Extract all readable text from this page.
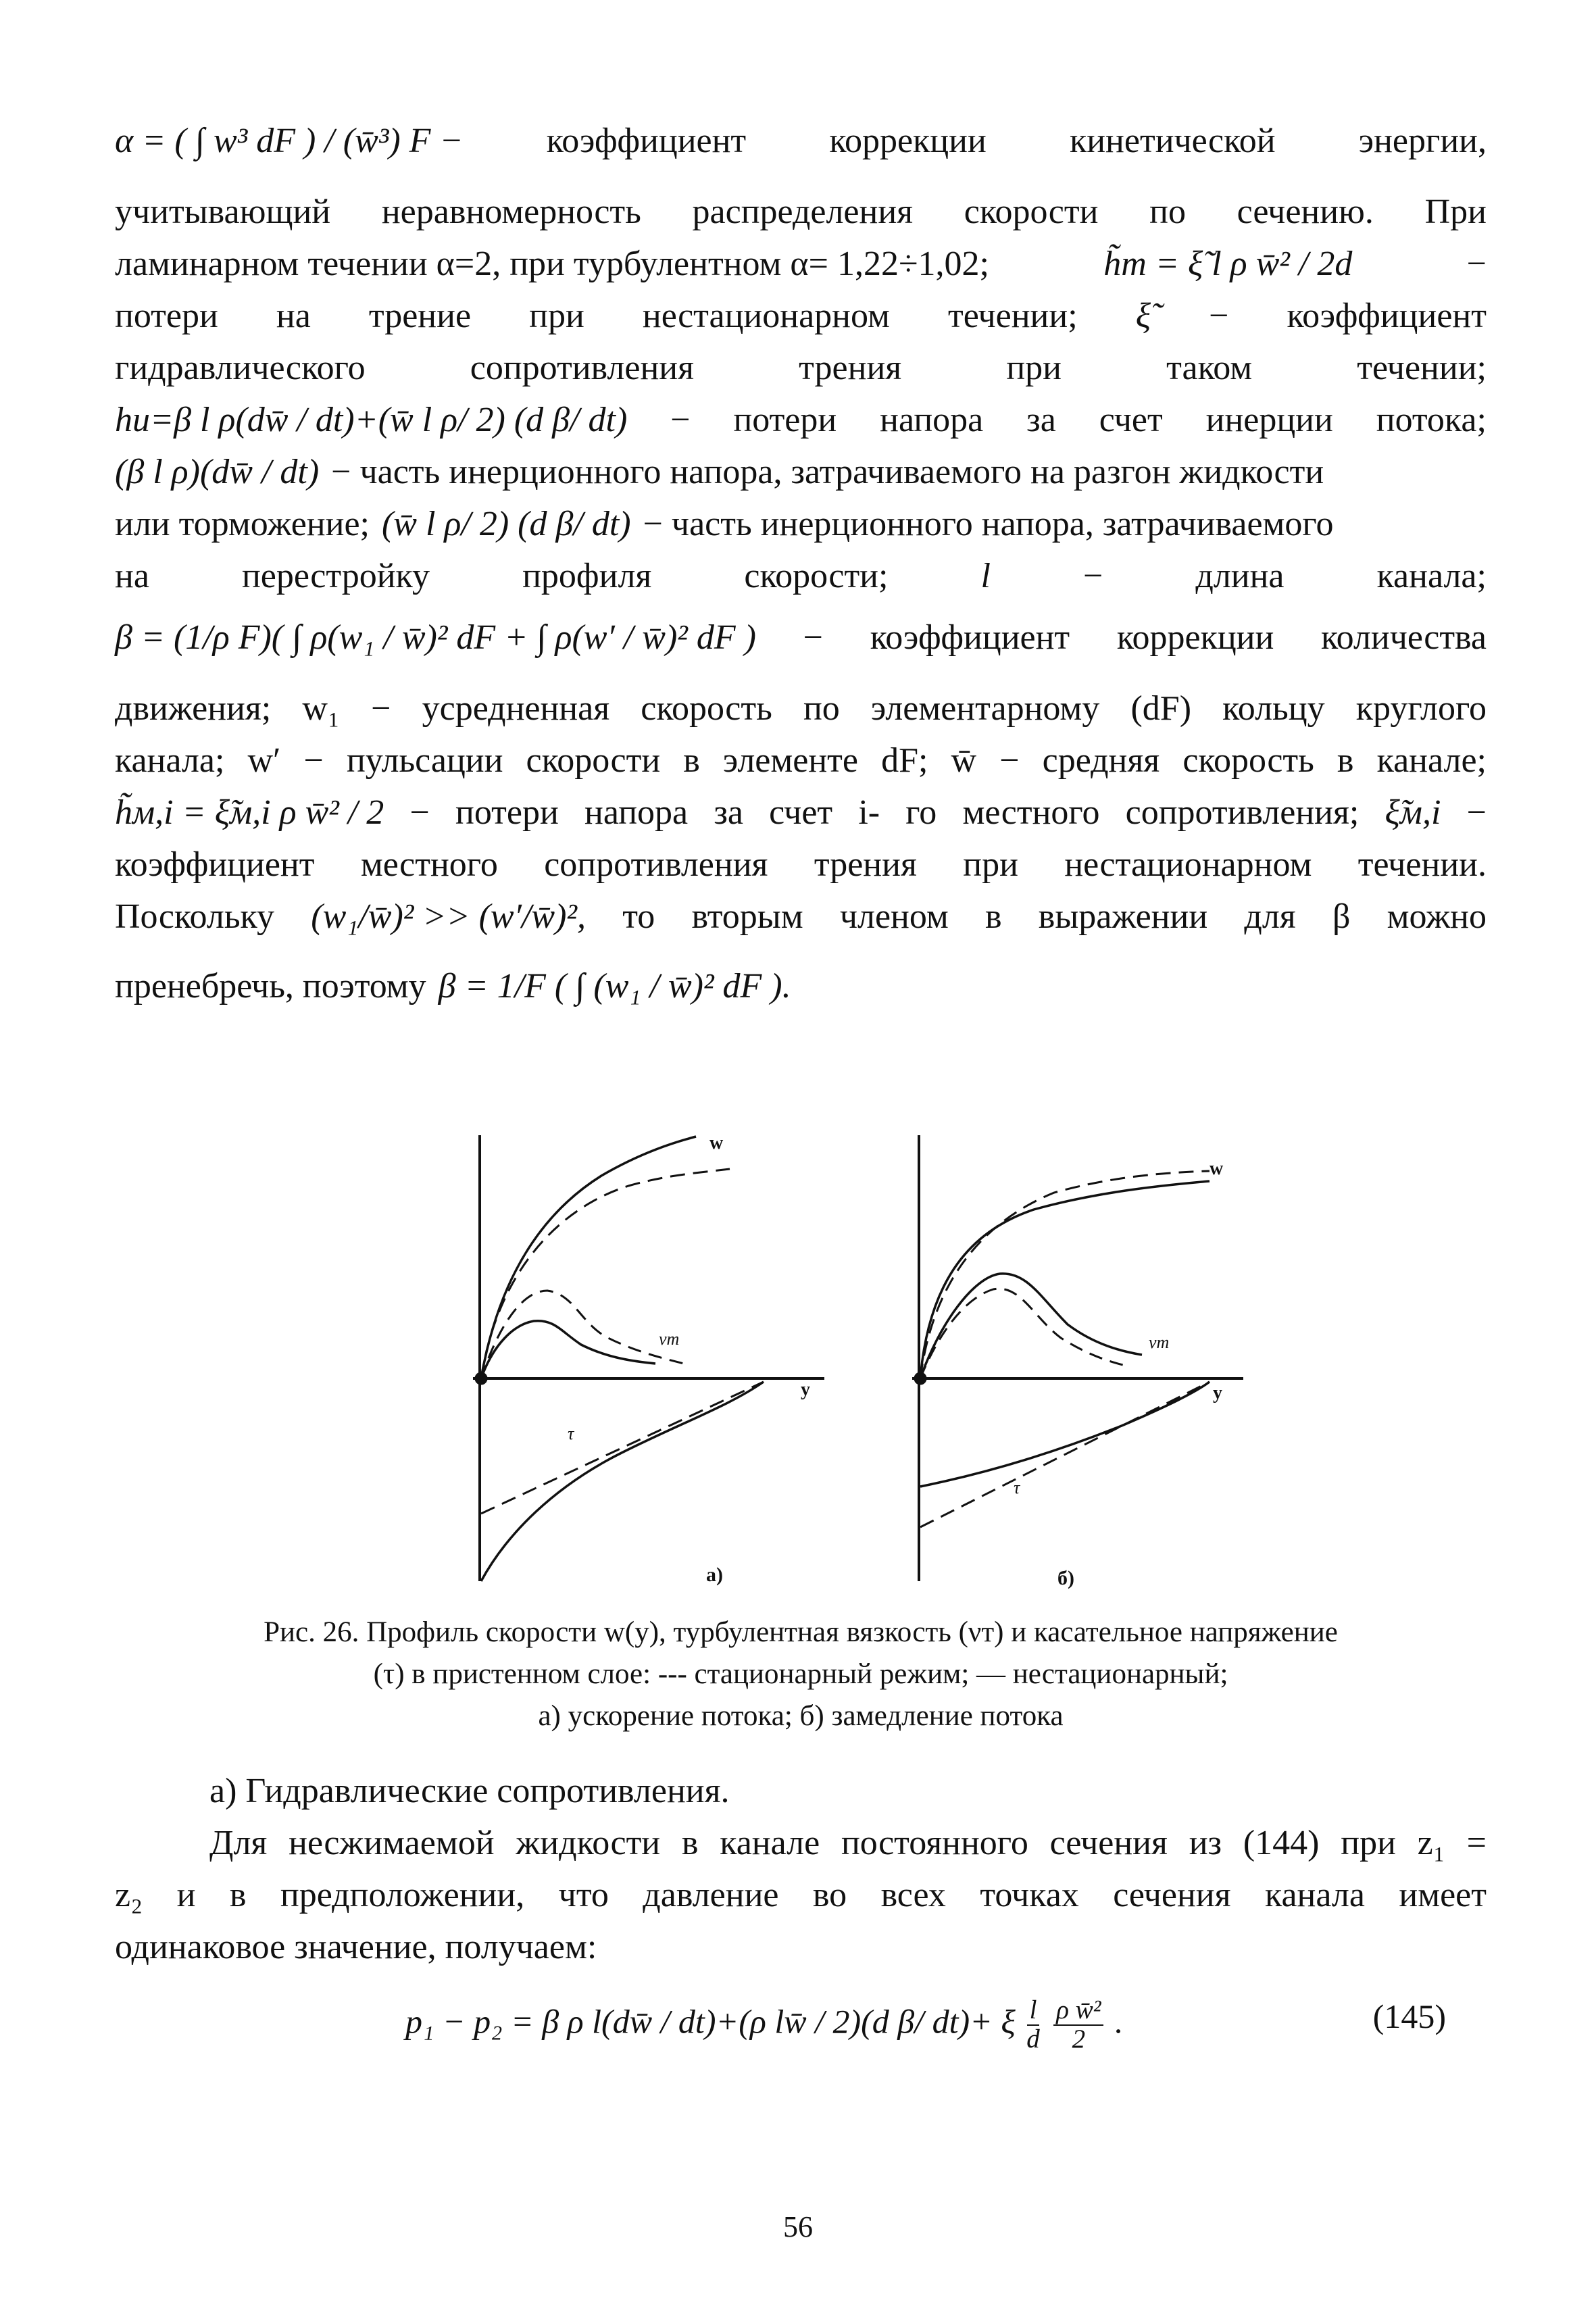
α = ( ∫ w³ dF ) / (w̄³) F − коэффициент коррекции кинетической энергии,
учитывающий неравномерность распределения скорости по сечению. При
ламинарном течении α=2, при турбулентном α= 1,22÷1,02;	h̃т = ξ̃ l ρ w̄² / 2d	−
потери на трение при нестационарном течении; ξ̃ − коэффициент
гидравлического	сопротивления	трения	при	таком	течении;
hи=β l ρ(dw̄ / dt)+(w̄ l ρ/ 2) (d β/ dt) − потери напора за счет инерции потока;
(β l ρ)(dw̄ / dt) − часть инерционного напора, затрачиваемого на разгон жидкости
или торможение; (w̄ l ρ/ 2) (d β/ dt) − часть инерционного напора, затрачиваемого
на	перестройку	профиля	скорости;	l	−	длина	канала;
β = (1/ρ F)( ∫ ρ(w₁ / w̄)² dF + ∫ ρ(w′ / w̄)² dF ) − коэффициент коррекции количества
движения; w₁ − усредненная скорость по элементарному (dF) кольцу круглого
канала; w′ − пульсации скорости в элементе dF; w̄ − средняя скорость в канале;
h̃м,i = ξ̃м,i ρ w̄² / 2 − потери напора за счет i- го местного сопротивления; ξ̃м,i −
коэффициент местного сопротивления трения при нестационарном течении.
Поскольку (w₁/w̄)² >> (w′/w̄)², то вторым членом в выражении для β можно
пренебречь, поэтому β = 1/F ( ∫ (w₁ / w̄)² dF ).
w
νт
τ
y
а)
w
νт
τ
y
б)
Рис. 26. Профиль скорости w(y), турбулентная вязкость (νт) и касательное напряжение
(τ) в пристенном слое: --- стационарный режим; — нестационарный;
а) ускорение потока; б) замедление потока
а) Гидравлические сопротивления.
Для несжимаемой жидкости в канале постоянного сечения из (144) при z₁ =
z₂ и в предположении, что давление во всех точках сечения канала имеет
одинаковое значение, получаем:
p₁ − p₂ = β ρ l(dw̄ / dt)+(ρ lw̄ / 2)(d β/ dt)+ ξ $\frac{l}{d}$
$\frac{\text{ρ w̄²}}{2}$ .	(145)
56
